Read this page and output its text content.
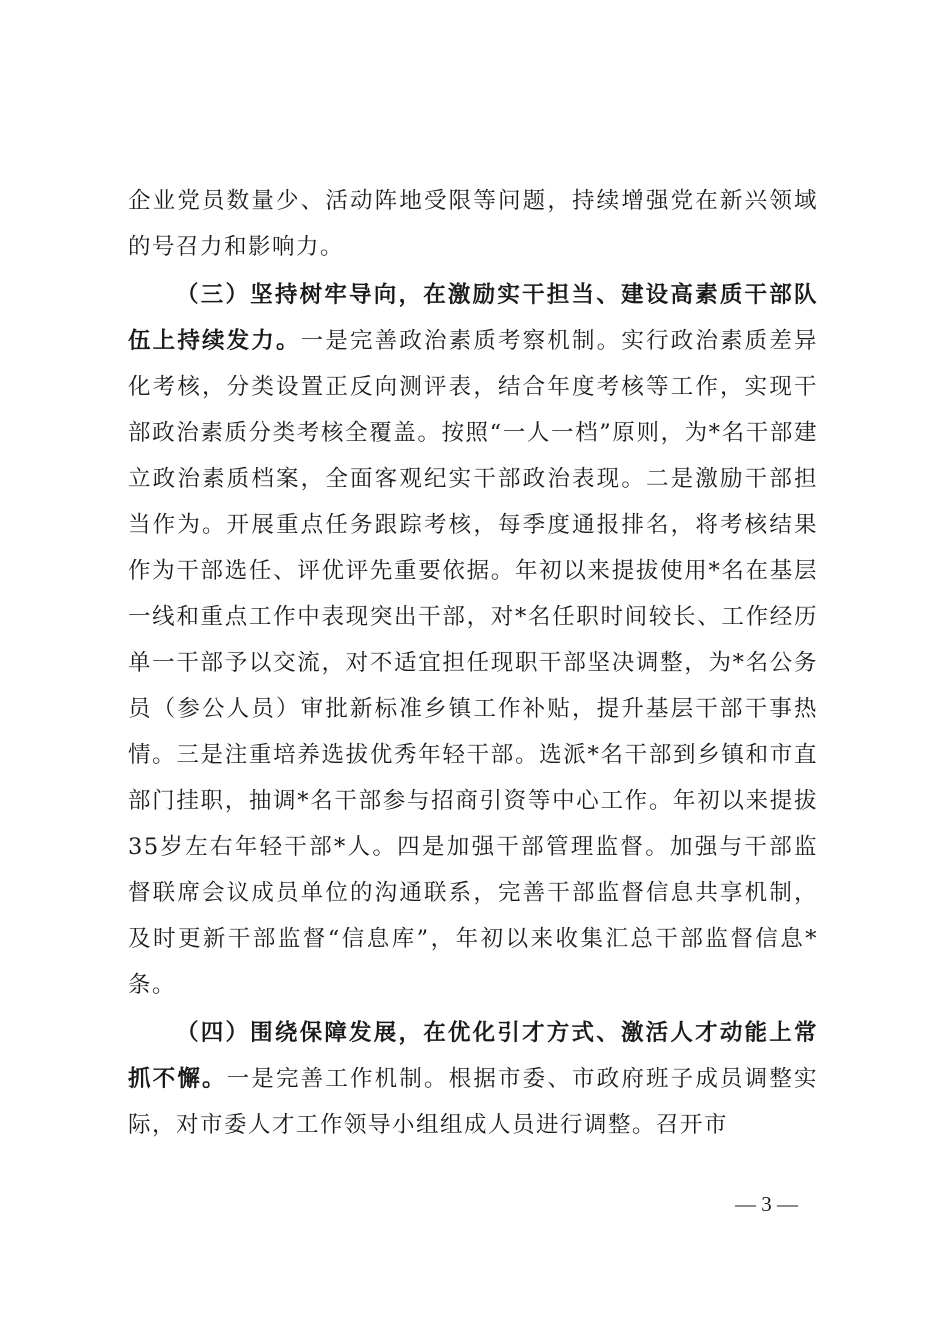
企业党员数量少、活动阵地受限等问题，持续增强党在新兴领域的号召力和影响力。

（三）坚持树牢导向，在激励实干担当、建设高素质干部队伍上持续发力。一是完善政治素质考察机制。实行政治素质差异化考核，分类设置正反向测评表，结合年度考核等工作，实现干部政治素质分类考核全覆盖。按照“一人一档”原则，为*名干部建立政治素质档案，全面客观纪实干部政治表现。二是激励干部担当作为。开展重点任务跟踪考核，每季度通报排名，将考核结果作为干部选任、评优评先重要依据。年初以来提拔使用*名在基层一线和重点工作中表现突出干部，对*名任职时间较长、工作经历单一干部予以交流，对不适宜担任现职干部坚决调整，为*名公务员（参公人员）审批新标准乡镇工作补贴，提升基层干部干事热情。三是注重培养选拔优秀年轻干部。选派*名干部到乡镇和市直部门挂职，抽调*名干部参与招商引资等中心工作。年初以来提拔35岁左右年轻干部*人。四是加强干部管理监督。加强与干部监督联席会议成员单位的沟通联系，完善干部监督信息共享机制，及时更新干部监督“信息库”，年初以来收集汇总干部监督信息*条。

（四）围绕保障发展，在优化引才方式、激活人才动能上常抓不懈。一是完善工作机制。根据市委、市政府班子成员调整实际，对市委人才工作领导小组组成人员进行调整。召开市

— 3 —
